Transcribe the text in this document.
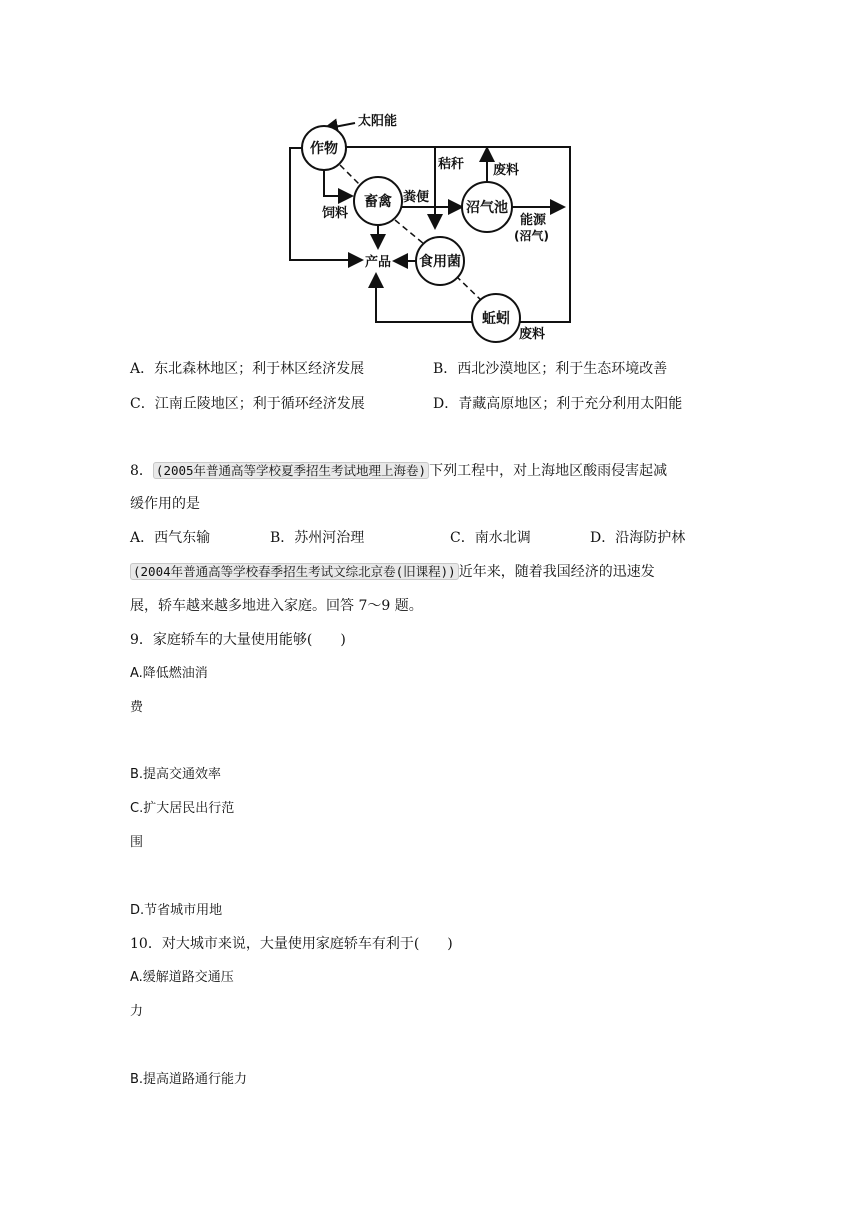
作物
畜禽	沼气池
食用菌
蚯蚓
产品
太阳能
秸秆 废料
饲料
粪便
能源
(沼气)
废料
A．东北森林地区；利于林区经济发展	B．西北沙漠地区；利于生态环境改善
C．江南丘陵地区；利于循环经济发展	D．青藏高原地区；利于充分利用太阳能
8． (2005年普通高等学校夏季招生考试地理上海卷) 下列工程中，对上海地区酸雨侵害起减
缓作用的是
A．西气东输	B．苏州河治理	C．南水北调	D．沿海防护林
(2004年普通高等学校春季招生考试文综北京卷(旧课程)) 近年来，随着我国经济的迅速发
展，轿车越来越多地进入家庭。回答 7～9 题。
9．家庭轿车的大量使用能够(　　)
A.降低燃油消
费
B.提高交通效率
C.扩大居民出行范
围
D.节省城市用地
10．对大城市来说，大量使用家庭轿车有利于(　　)
A.缓解道路交通压
力
B.提高道路通行能力
